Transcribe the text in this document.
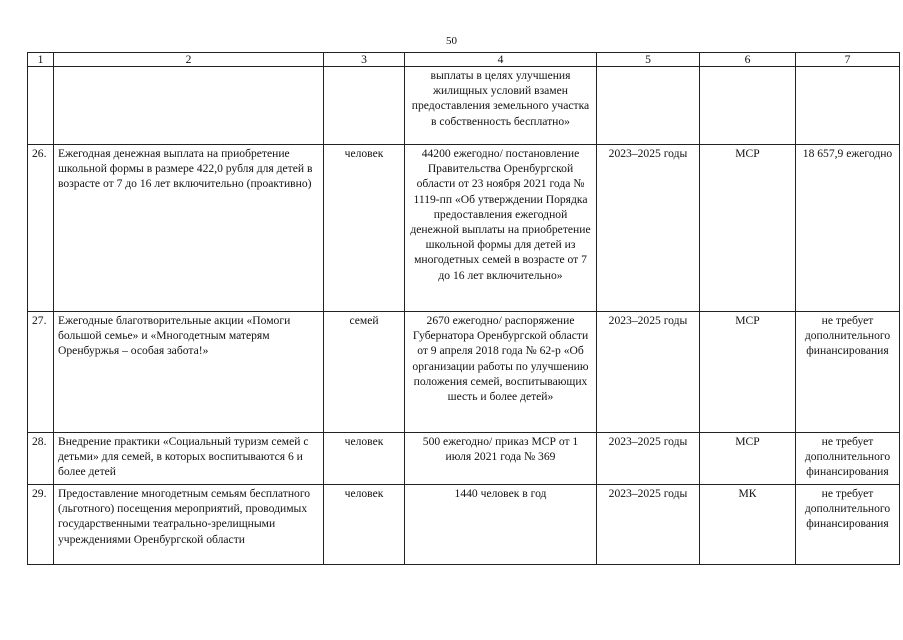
50
1	2	3	4	5	6	7
			выплаты в целях улучшения жилищных условий взамен предоставления земельного участка в собственность бесплатно»			
26.	Ежегодная денежная выплата на приобретение школьной формы в размере 422,0 рубля для детей в возрасте от 7 до 16 лет включительно (проактивно)	человек	44200 ежегодно/ постановление Правительства Оренбургской области от 23 ноября 2021 года № 1119-пп «Об утверждении Порядка предоставления ежегодной денежной выплаты на приобретение школьной формы для детей из многодетных семей в возрасте от 7 до 16 лет включительно»	2023–2025 годы	МСР	18 657,9 ежегодно
27.	Ежегодные благотворительные акции «Помоги большой семье» и «Многодетным матерям Оренбуржья – особая забота!»	семей	2670 ежегодно/ распоряжение Губернатора Оренбургской области от 9 апреля 2018 года № 62-р «Об организации работы по улучшению положения семей, воспитывающих шесть и более детей»	2023–2025 годы	МСР	не требует дополнительного финансирования
28.	Внедрение практики «Социальный туризм семей с детьми» для семей, в которых воспитываются 6 и более детей	человек	500 ежегодно/ приказ МСР от 1 июля 2021 года № 369	2023–2025 годы	МСР	не требует дополнительного финансирования
29.	Предоставление многодетным семьям бесплатного (льготного) посещения мероприятий, проводимых государственными театрально-зрелищными учреждениями Оренбургской области	человек	1440 человек в год	2023–2025 годы	МК	не требует дополнительного финансирования
